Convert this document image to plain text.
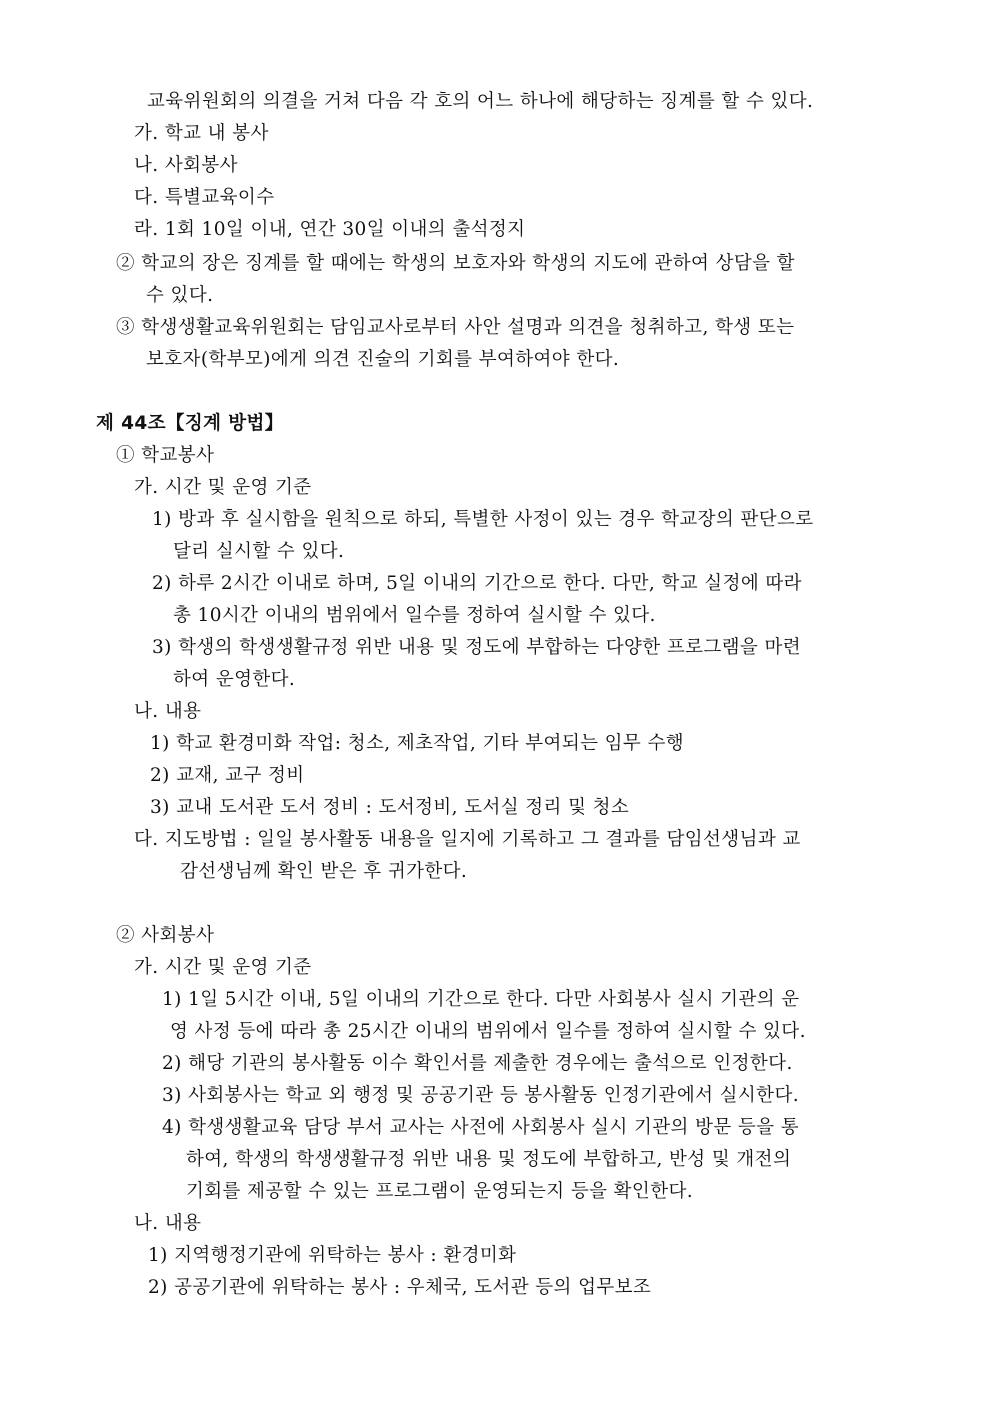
교육위원회의 의결을 거쳐 다음 각 호의 어느 하나에 해당하는 징계를 할 수 있다.
가. 학교 내 봉사
나. 사회봉사
다. 특별교육이수
라. 1회 10일 이내, 연간 30일 이내의 출석정지
② 학교의 장은 징계를 할 때에는 학생의 보호자와 학생의 지도에 관하여 상담을 할
수 있다.
③ 학생생활교육위원회는 담임교사로부터 사안 설명과 의견을 청취하고, 학생 또는
보호자(학부모)에게 의견 진술의 기회를 부여하여야 한다.
제 44조【징계 방법】
① 학교봉사
가. 시간 및 운영 기준
1) 방과 후 실시함을 원칙으로 하되, 특별한 사정이 있는 경우 학교장의 판단으로
달리 실시할 수 있다.
2) 하루 2시간 이내로 하며, 5일 이내의 기간으로 한다. 다만, 학교 실정에 따라
총 10시간 이내의 범위에서 일수를 정하여 실시할 수 있다.
3) 학생의 학생생활규정 위반 내용 및 정도에 부합하는 다양한 프로그램을 마련
하여 운영한다.
나. 내용
1) 학교 환경미화 작업: 청소, 제초작업, 기타 부여되는 임무 수행
2) 교재, 교구 정비
3) 교내 도서관 도서 정비 : 도서정비, 도서실 정리 및 청소
다. 지도방법 : 일일 봉사활동 내용을 일지에 기록하고 그 결과를 담임선생님과 교
감선생님께 확인 받은 후 귀가한다.
② 사회봉사
가. 시간 및 운영 기준
1) 1일 5시간 이내, 5일 이내의 기간으로 한다. 다만 사회봉사 실시 기관의 운
영 사정 등에 따라 총 25시간 이내의 범위에서 일수를 정하여 실시할 수 있다.
2) 해당 기관의 봉사활동 이수 확인서를 제출한 경우에는 출석으로 인정한다.
3) 사회봉사는 학교 외 행정 및 공공기관 등 봉사활동 인정기관에서 실시한다.
4) 학생생활교육 담당 부서 교사는 사전에 사회봉사 실시 기관의 방문 등을 통
하여, 학생의 학생생활규정 위반 내용 및 정도에 부합하고, 반성 및 개전의
기회를 제공할 수 있는 프로그램이 운영되는지 등을 확인한다.
나. 내용
1) 지역행정기관에 위탁하는 봉사 : 환경미화
2) 공공기관에 위탁하는 봉사 : 우체국, 도서관 등의 업무보조
